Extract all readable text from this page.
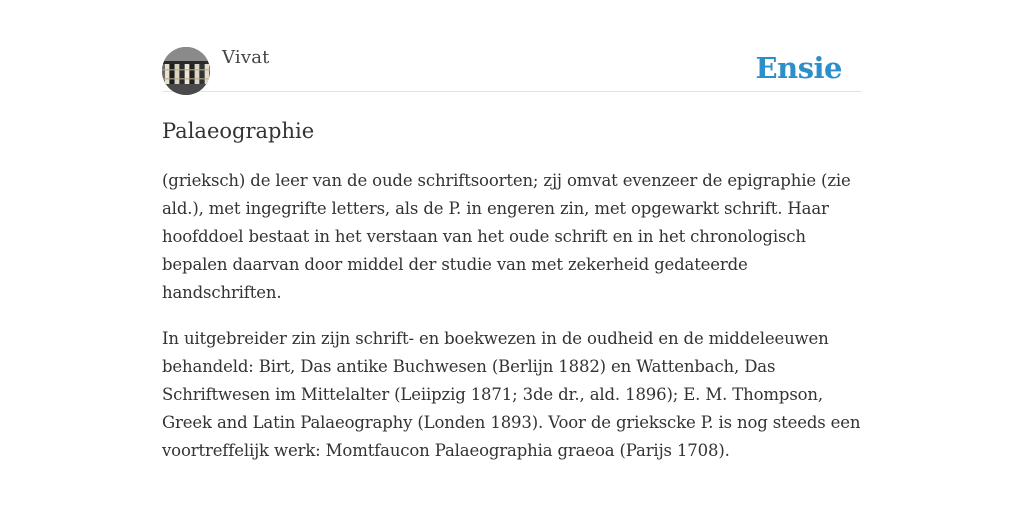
Vivat	Ensie
Palaeographie

(grieksch) de leer van de oude schriftsoorten; zjj omvat evenzeer de epigraphie (zie ald.), met ingegrifte letters, als de P. in engeren zin, met opgewarkt schrift. Haar hoofddoel bestaat in het verstaan van het oude schrift en in het chronologisch bepalen daarvan door middel der studie van met zekerheid gedateerde handschriften.

In uitgebreider zin zijn schrift- en boekwezen in de oudheid en de middeleeuwen behandeld: Birt, Das antike Buchwesen (Berlijn 1882) en Wattenbach, Das Schriftwesen im Mittelalter (Leiipzig 1871; 3de dr., ald. 1896); E. M. Thompson, Greek and Latin Palaeography (Londen 1893). Voor de griekscke P. is nog steeds een voortreffelijk werk: Momtfaucon Palaeographia graeoa (Parijs 1708).
